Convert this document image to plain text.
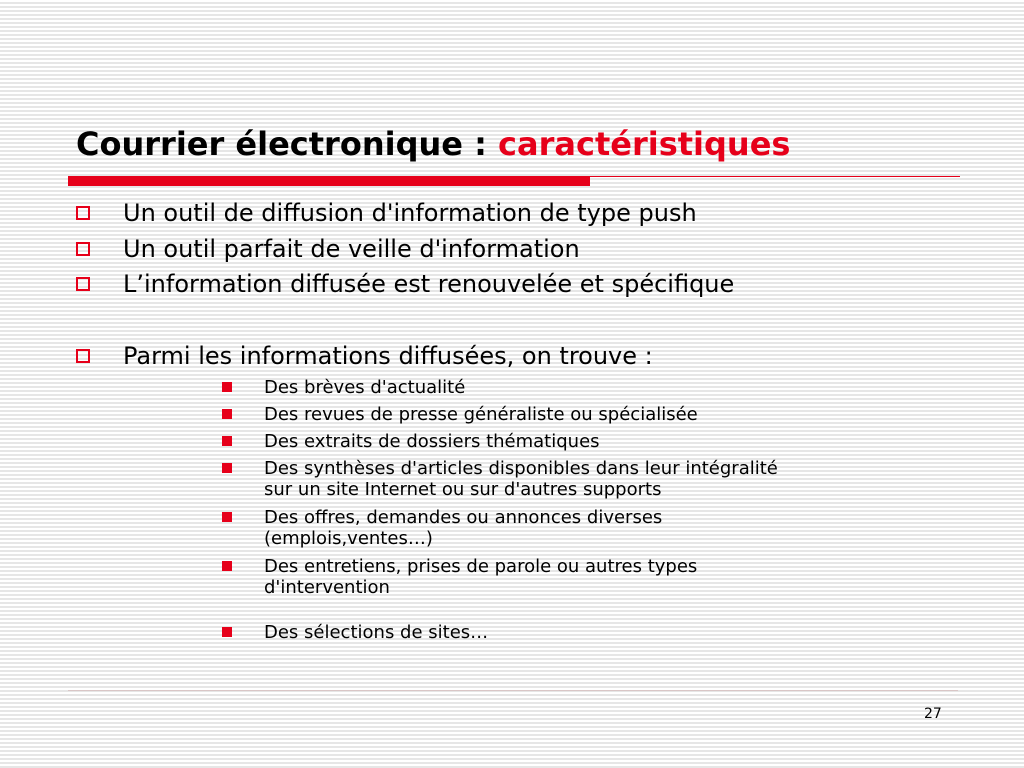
Courrier électronique : caractéristiques
Un outil de diffusion d'information de type push
Un outil parfait de veille d'information
L’information diffusée est renouvelée et spécifique
Parmi les informations diffusées, on trouve :
Des brèves d'actualité
Des revues de presse généraliste ou spécialisée
Des extraits de dossiers thématiques
Des synthèses d'articles disponibles dans leur intégralité
sur un site Internet ou sur d'autres supports
Des offres, demandes ou annonces diverses
(emplois,ventes…)
Des entretiens, prises de parole ou autres types
d'intervention
Des sélections de sites…
27
